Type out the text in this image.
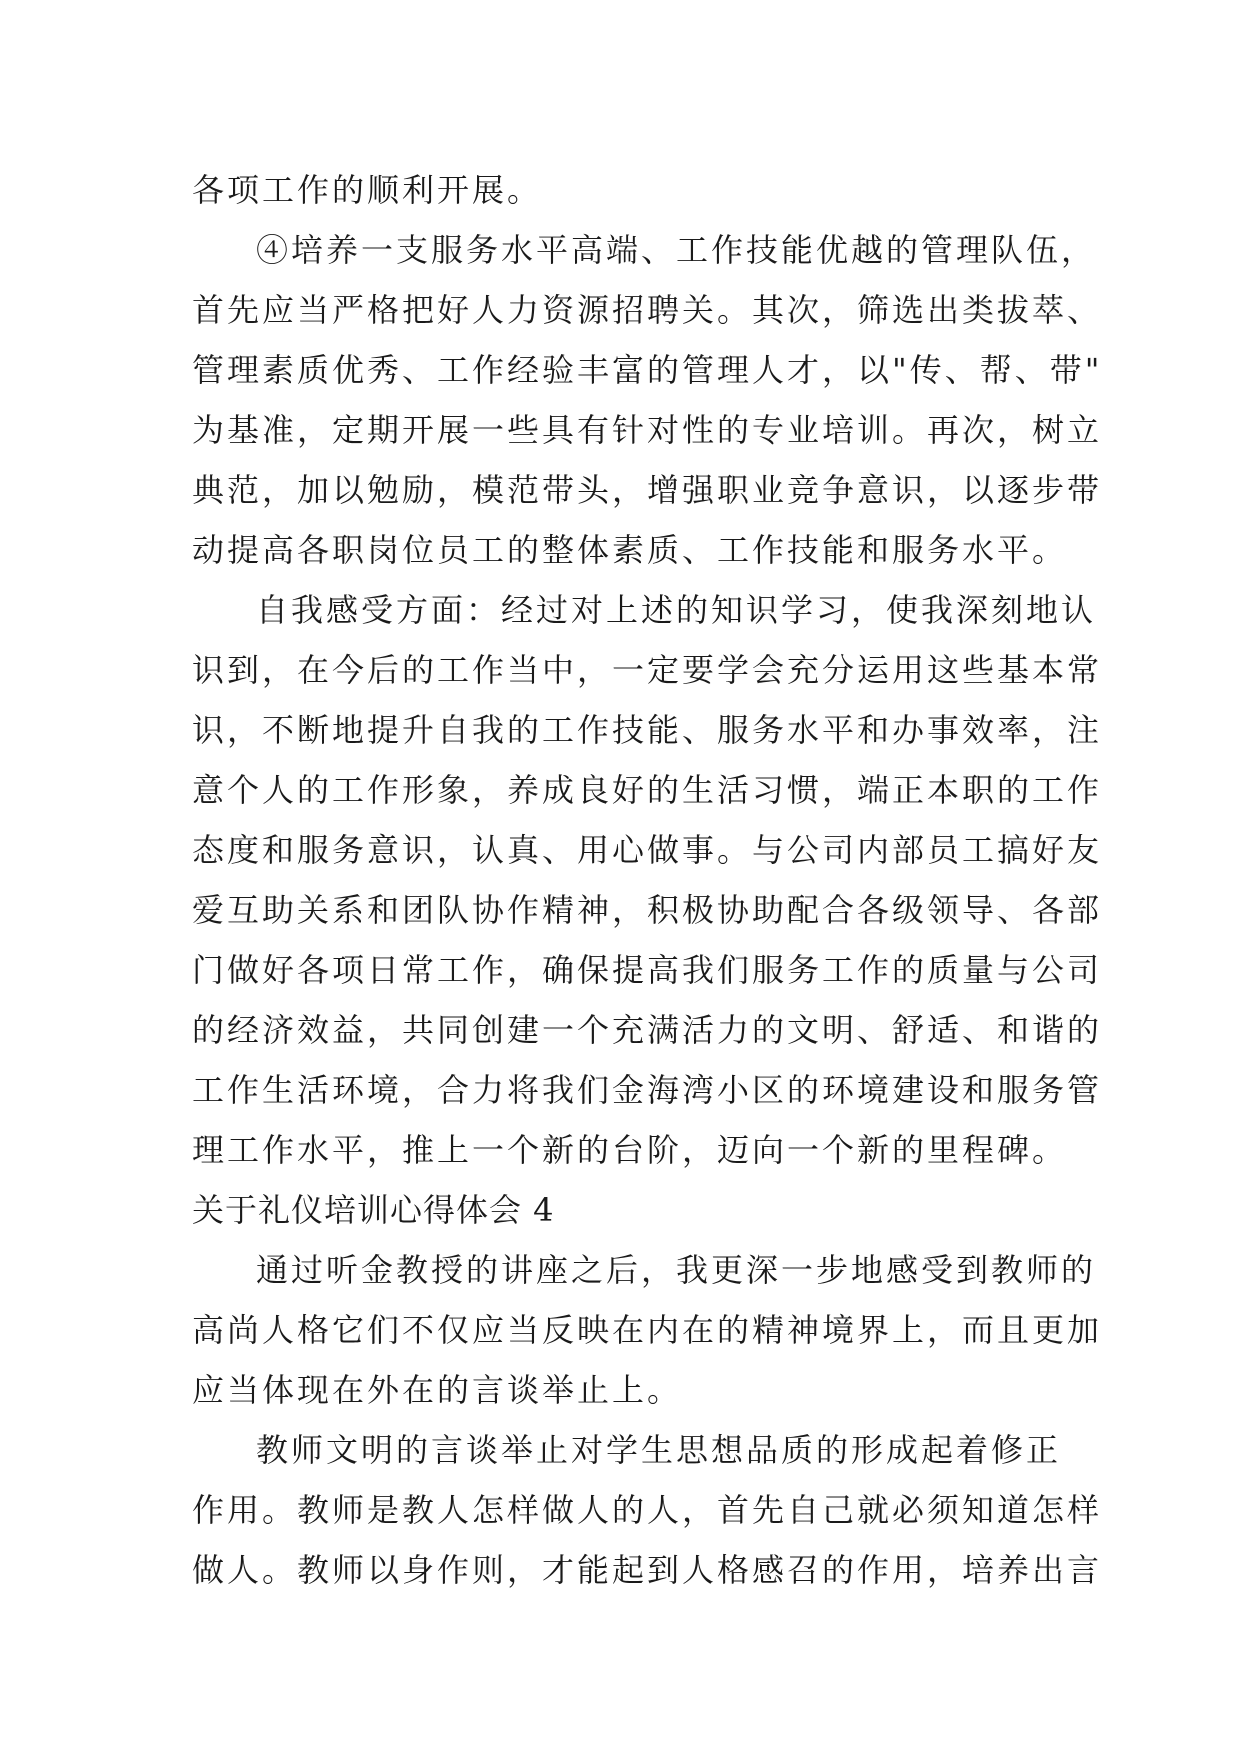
各项工作的顺利开展。
④培养一支服务水平高端、工作技能优越的管理队伍，
首先应当严格把好人力资源招聘关。其次，筛选出类拔萃、
管理素质优秀、工作经验丰富的管理人才，以"传、帮、带"
为基准，定期开展一些具有针对性的专业培训。再次，树立
典范，加以勉励，模范带头，增强职业竞争意识，以逐步带
动提高各职岗位员工的整体素质、工作技能和服务水平。
自我感受方面：经过对上述的知识学习，使我深刻地认
识到，在今后的工作当中，一定要学会充分运用这些基本常
识，不断地提升自我的工作技能、服务水平和办事效率，注
意个人的工作形象，养成良好的生活习惯，端正本职的工作
态度和服务意识，认真、用心做事。与公司内部员工搞好友
爱互助关系和团队协作精神，积极协助配合各级领导、各部
门做好各项日常工作，确保提高我们服务工作的质量与公司
的经济效益，共同创建一个充满活力的文明、舒适、和谐的
工作生活环境，合力将我们金海湾小区的环境建设和服务管
理工作水平，推上一个新的台阶，迈向一个新的里程碑。
关于礼仪培训心得体会 4
通过听金教授的讲座之后，我更深一步地感受到教师的
高尚人格它们不仅应当反映在内在的精神境界上，而且更加
应当体现在外在的言谈举止上。
教师文明的言谈举止对学生思想品质的形成起着修正
作用。教师是教人怎样做人的人，首先自己就必须知道怎样
做人。教师以身作则，才能起到人格感召的作用，培养出言
